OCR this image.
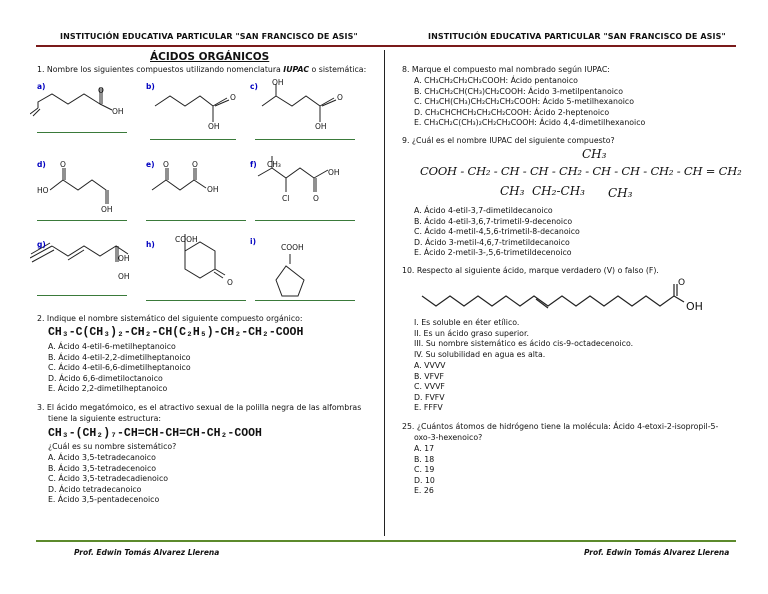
INSTITUCIÓN EDUCATIVA PARTICULAR "SAN FRANCISCO DE ASIS"	INSTITUCIÓN EDUCATIVA PARTICULAR "SAN FRANCISCO DE ASIS"
ÁCIDOS ORGÁNICOS
1. Nombre los siguientes compuestos utilizando nomenclatura IUPAC o sistemática:
a)	b)	c)
d)	e)	f)
g)	h)	i)
O
OH
OH
O
OH
OH
O
O
HO
OH
O	O
OH
CH₃
Cl
OH
O
OH
OH
COOH
O
COOH
2. Indique el nombre sistemático del siguiente compuesto orgánico:
CH₃-C(CH₃)₂-CH₂-CH(C₂H₅)-CH₂-CH₂-COOH
A. Ácido 4-etil-6-metilheptanoico
B. Ácido 4-etil-2,2-dimetilheptanoico
C. Ácido 4-etil-6,6-dimetilheptanoico
D. Ácido 6,6-dimetiloctanoico
E. Ácido 2,2-dimetilheptanoico
3. El ácido megatómoico, es el atractivo sexual de la polilla negra de las alfombras
tiene la siguiente estructura:
CH₃-(CH₂)₇-CH=CH-CH=CH-CH₂-COOH
¿Cuál es su nombre sistemático?
A. Ácido 3,5-tetradecanoico
B. Ácido 3,5-tetradecenoico
C. Ácido 3,5-tetradecadienoico
D. Ácido tetradecanoico
E. Ácido 3,5-pentadecenoico
8. Marque el compuesto mal nombrado según IUPAC:
A. CH₃CH₂CH₂CH₂COOH: Ácido pentanoico
B. CH₃CH₂CH(CH₃)CH₂COOH: Ácido 3-metilpentanoico
C. CH₃CH(CH₃)CH₂CH₂CH₂COOH: Ácido 5-metilhexanoico
D. CH₃CHCHCH₂CH₂CH₂COOH: Ácido 2-heptenoico
E. CH₃CH₂C(CH₃)₂CH₂CH₂COOH: Ácido 4,4-dimetilhexanoico
9. ¿Cuál es el nombre IUPAC del siguiente compuesto?
CH₃
COOH - CH₂ - CH - CH - CH₂ - CH - CH - CH₂ - CH = CH₂
CH₃ CH₂-CH₃ CH₃
A. Ácido 4-etil-3,7-dimetildecanoico
B. Ácido 4-etil-3,6,7-trimetil-9-decenoico
C. Ácido 4-metil-4,5,6-trimetil-8-decanoico
D. Ácido 3-metil-4,6,7-trimetildecanoico
E. Ácido 2-metil-3-,5,6-trimetildecenoico
10. Respecto al siguiente ácido, marque verdadero (V) o falso (F).
O
OH
I. Es soluble en éter etílico.
II. Es un ácido graso superior.
III. Su nombre sistemático es ácido cis-9-octadecenoico.
IV. Su solubilidad en agua es alta.
A. VVVV
B. VFVF
C. VVVF
D. FVFV
E. FFFV
25. ¿Cuántos átomos de hidrógeno tiene la molécula: Ácido 4-etoxi-2-isopropil-5-
oxo-3-hexenoico?
A. 17
B. 18
C. 19
D. 10
E. 26
Prof. Edwin Tomás Alvarez Llerena	Prof. Edwin Tomás Alvarez Llerena
